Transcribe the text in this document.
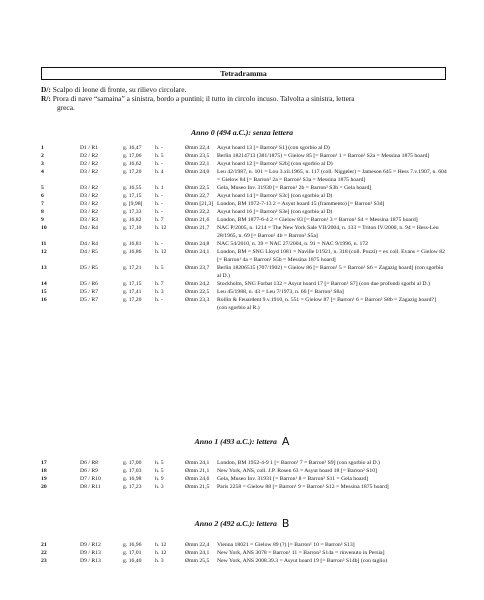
Tetradramma
D/: Scalpo di leone di fronte, su rilievo circolare.
R/: Prora di nave “samaina” a sinistra, bordo a puntini; il tutto in circolo incuso. Talvolta a sinistra, lettera
greca.
Anno 0 (494 a.C.): senza lettera
1	D1 / R1	g. 16,47 h. -	Ømm 22,4 Asyut hoard 13 [= Barron² S1] (con sgorbio al D)
2	D2 / R2	g. 17,06 h. 5	Ømm 23,5 Berlin 18214713 (381/1875) = Gielow 85 [= Barron¹ 1 = Barron² S2a = Messina 1875 hoard]
3	D2 / R2	g. 16,62 h. -	Ømm 22,1 Asyut hoard 12 [= Barron² S2b] (con sgorbio al D)
4	D3 / R2	g. 17,20 h. 4	Ømm 24,0 Leu 42/1987, n. 101 = Lou 3.xii.1965, n. 117 (coll. Niggeler) = Jameson 645 = Hess 7.v.1907, n. 604 = Gielow 84 [= Barron¹ 2a = Barron² S3a = Messina 1875 hoard]
5	D3 / R2	g. 16,55 h. 1	Ømm 22,5 Gela, Museo Inv. 31930 [= Barron¹ 2b = Barron² S3b = Gela hoard]
6	D3 / R2	g. 17,15 h. -	Ømm 22,7 Asyut hoard 14 [= Barron² S3c] (con sgorbio al D)
7	D3 / R2	g. [9,98] h. -	Ømm [21,3] London, BM 1972-7-13 2 = Asyut hoard 15 (frammento) [= Barron² S3d]
8	D3 / R2	g. 17,33 h. -	Ømm 22,2 Asyut hoard 16 [= Barron² S3e] (con sgorbio al D)
9	D3 / R3	g. 16,82 h. 7	Ømm 21,6 London, BM 1877-6-4 2 = Gielow 83 [= Barron¹ 3 = Barron² S4 = Messina 1875 hoard]
10	D4 / R4	g. 17,10 h. 12	Ømm 21,7 NAC P/2005, n. 1214 = The New York Sale VII/2004, n. 133 = Triton IV/2000, n. 94 = Hess-Leu 28/1965, n. 69 [= Barron¹ 4b = Barron² S5a]
11	D4 / R4	g. 16,81 h. -	Ømm 24,8 NAC 54/2010, n. 39 = NAC 27/2004, n. 91 = NAC 9/1996, n. 172
12	D4 / R5	g. 16,86 h. 12	Ømm 24,1 London, BM = SNG Lloyd 1081 = Naville I/1921, n. 318 (coll. Pozzi) = ex coll. Evans = Gielow 82 [= Barron¹ 4a = Barron² S5b = Messina 1875 hoard]
13	D5 / R5	g. 17,21 h. 5	Ømm 23,7 Berlin 18206515 (707/1902) = Gielow 86 [= Barron¹ 5 = Barron² S6 = Zagazig hoard] (con sgorbio al D.)
14	D5 / R6	g. 17,15 h. 7	Ømm 24,2 Stockholm, SNG Forbat 132 = Asyut hoard 17 [= Barron² S7] (con due profondi sgorbi al D.)
15	D5 / R7	g. 17,41 h. 3	Ømm 22,5 Leu 45/1988, n. 43 = Leu 7/1973, n. 66 [= Barron² S8a]
16	D5 / R7	g. 17,20 h. -	Ømm 23,3 Rollin & Feuardent 9.v.1910, n. 551 = Gielow 87 [= Barron¹ 6 = Barron² S8b = Zagazig hoard?] (con sgorbio al R.)
Anno 1 (493 a.C.): lettera A
17	D6 / R8	g. 17,00 h. 5	Ømm 24,1 London, BM 1952-4-9 1 [= Barron¹ 7 = Barron² S9] (con sgorbio al D.)
18	D6 / R9	g. 17,03 h. 5	Ømm 21,1 New York, ANS, coll. J.P. Rosen 63 = Asyut hoard 18 [= Barron² S10]
19	D7 / R10	g. 16,98 h. 9	Ømm 24,6 Gela, Museo Inv. 31931 [= Barron¹ 8 = Barron² S11 = Gela hoard]
20	D8 / R11	g. 17,23 h. 3	Ømm 21,5 Paris 2258 = Gielow 88 [= Barron¹ 9 = Barron² S12 = Messina 1875 hoard]
Anno 2 (492 a.C.): lettera B
21	D9 / R12	g. 16,96 h. 12	Ømm 22,4 Vienna 18021 = Gielow 89 (?) [= Barron¹ 10 = Barron² S13]
22	D9 / R13	g. 17,01 h. 12	Ømm 24,1 New York, ANS 3078 = Barron¹ 11 = Barron² S14a = rinvenuto in Persia]
23	D9 / R13	g. 16,40 h. 3	Ømm 25,5 New York, ANS 2008.39.3 = Asyut hoard 19 [= Barron² S14b] (con taglio)
